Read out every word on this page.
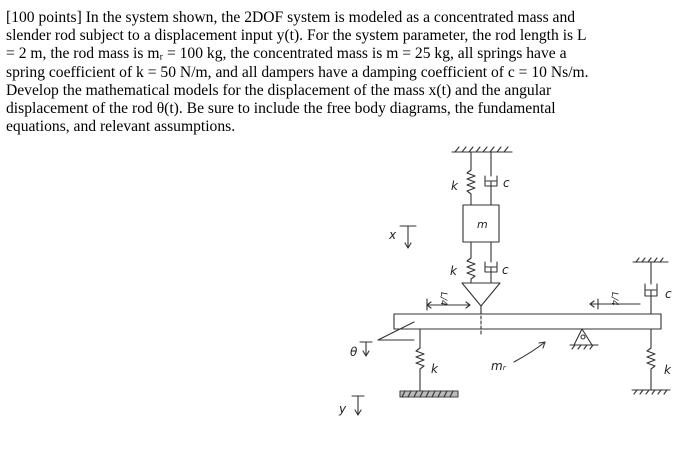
[100 points] In the system shown, the 2DOF system is modeled as a concentrated mass and

slender rod subject to a displacement input y(t). For the system parameter, the rod length is L

= 2 m, the rod mass is mᵣ = 100 kg, the concentrated mass is m = 25 kg, all springs have a

spring coefficient of k = 50 N/m, and all dampers have a damping coefficient of c = 10 Ns/m.

Develop the mathematical models for the displacement of the mass x(t) and the angular

displacement of the rod θ(t). Be sure to include the free body diagrams, the fundamental

equations, and relevant assumptions.

k	c
m
x
k	c
L/4	L/4	c
k
θ
k	mᵣ
y
